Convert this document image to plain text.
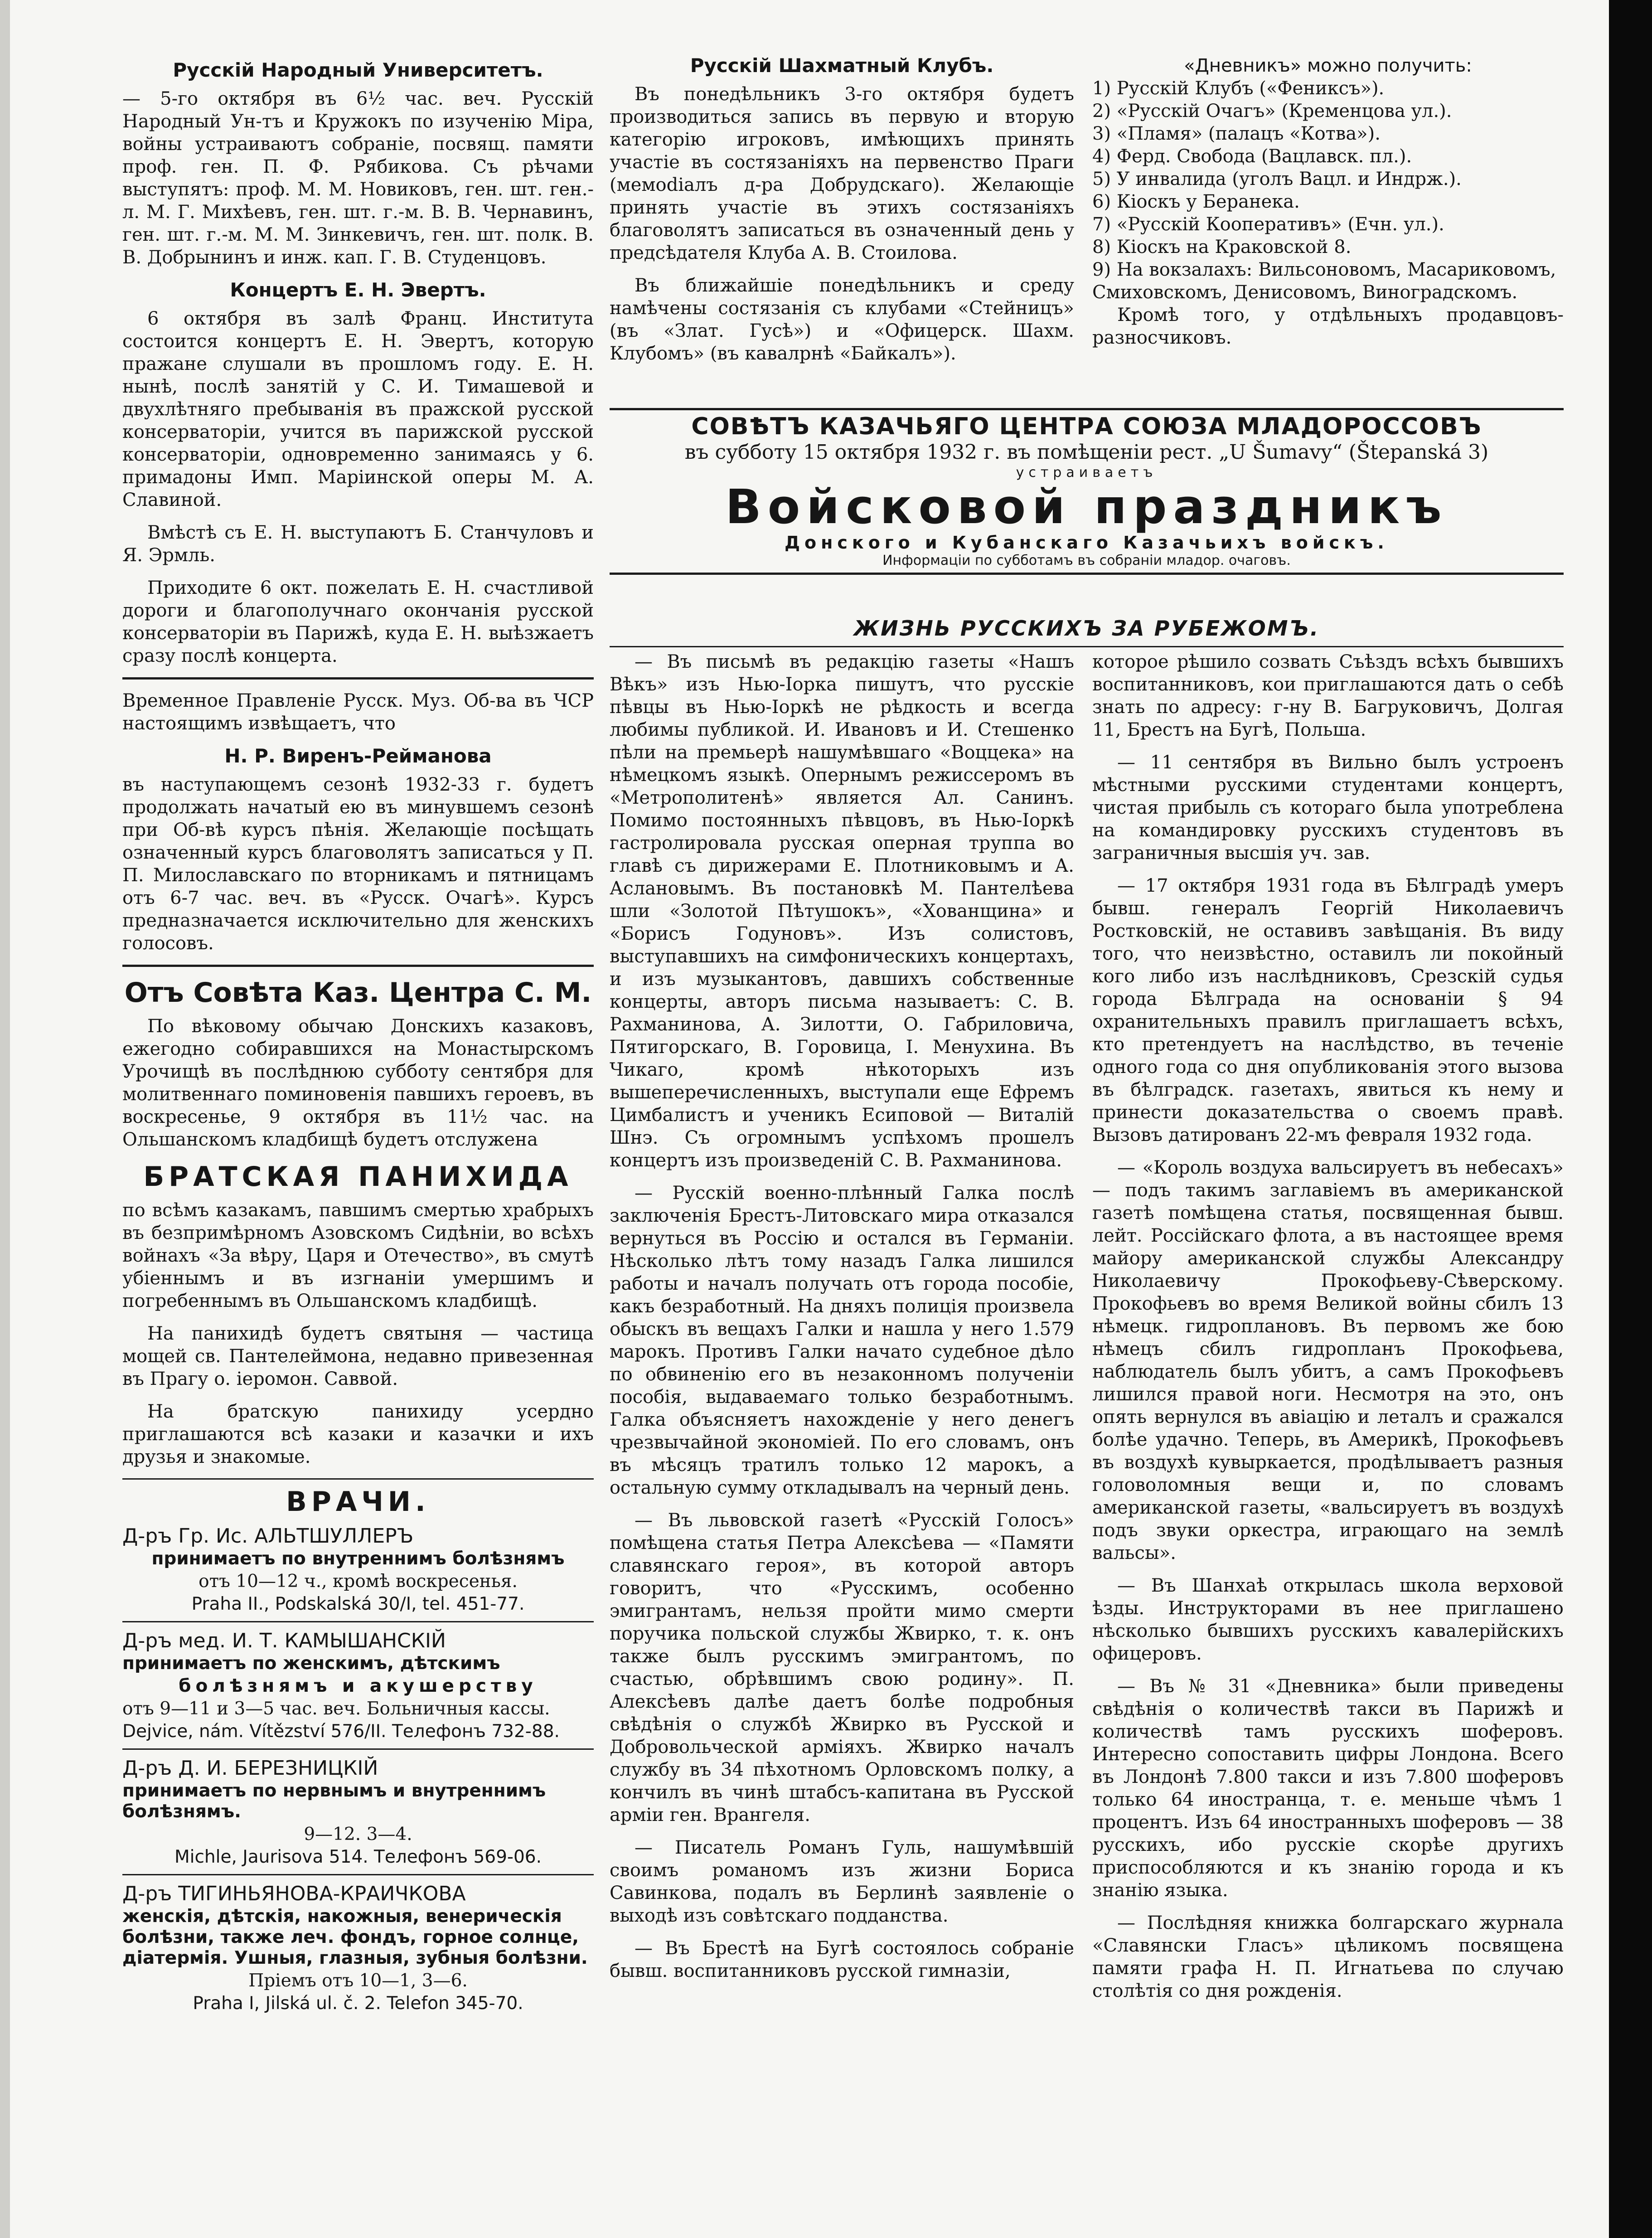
Русскій Народный Университетъ.

— 5-го октября въ 6½ час. веч. Русскій Народный Ун-тъ и Кружокъ по изученію Міра, войны устраиваютъ собраніе, посвящ. памяти проф. ген. П. Ф. Рябикова. Съ рѣчами выступятъ: проф. М. М. Новиковъ, ген. шт. ген.-л. М. Г. Михѣевъ, ген. шт. г.-м. В. В. Чернавинъ, ген. шт. г.-м. М. М. Зинкевичъ, ген. шт. полк. В. В. Добрынинъ и инж. кап. Г. В. Студенцовъ.

Концертъ Е. Н. Эвертъ.

6 октября въ залѣ Франц. Института состоится концертъ Е. Н. Эвертъ, которую пражане слушали въ прошломъ году. Е. Н. нынѣ, послѣ занятій у С. И. Тимашевой и двухлѣтняго пребыванія въ пражской русской консерваторіи, учится въ парижской русской консерваторіи, одновременно занимаясь у 6. примадоны Имп. Маріинской оперы М. А. Славиной.

Вмѣстѣ съ Е. Н. выступаютъ Б. Станчуловъ и Я. Эрмль.

Приходите 6 окт. пожелать Е. Н. счастливой дороги и благополучнаго окончанія русской консерваторіи въ Парижѣ, куда Е. Н. выѣзжаетъ сразу послѣ концерта.

Временное Правленіе Русск. Муз. Об-ва въ ЧСР настоящимъ извѣщаетъ, что

Н. Р. Виренъ-Рейманова

въ наступающемъ сезонѣ 1932-33 г. будетъ продолжать начатый ею въ минувшемъ сезонѣ при Об-вѣ курсъ пѣнія. Желающіе посѣщать означенный курсъ благоволятъ записаться у П. П. Милославскаго по вторникамъ и пятницамъ отъ 6-7 час. веч. въ «Русск. Очагѣ». Курсъ предназначается исключительно для женскихъ голосовъ.

Отъ Совѣта Каз. Центра С. М.

По вѣковому обычаю Донскихъ казаковъ, ежегодно собиравшихся на Монастырскомъ Урочищѣ въ послѣднюю субботу сентября для молитвеннаго поминовенія павшихъ героевъ, въ воскресенье, 9 октября въ 11½ час. на Ольшанскомъ кладбищѣ будетъ отслужена

БРАТСКАЯ ПАНИХИДА

по всѣмъ казакамъ, павшимъ смертью храбрыхъ въ безпримѣрномъ Азовскомъ Сидѣніи, во всѣхъ войнахъ «За вѣру, Царя и Отечество», въ смутѣ убіеннымъ и въ изгнаніи умершимъ и погребеннымъ въ Ольшанскомъ кладбищѣ.

На панихидѣ будетъ святыня — частица мощей св. Пантелеймона, недавно привезенная въ Прагу о. іеромон. Саввой.

На братскую панихиду усердно приглашаются всѣ казаки и казачки и ихъ друзья и знакомые.

ВРАЧИ.
Д-ръ Гр. Ис. АЛЬТШУЛЛЕРЪ
принимаетъ по внутреннимъ болѣзнямъ
отъ 10—12 ч., кромѣ воскресенья.
Praha II., Podskalská 30/I, tel. 451-77.
Д-ръ мед. И. Т. КАМЫШАНСКІЙ
принимаетъ по женскимъ, дѣтскимъ
болѣзнямъ и акушерству
отъ 9—11 и 3—5 час. веч. Больничныя кассы.
Dejvice, nám. Vítězství 576/II. Телефонъ 732-88.
Д-ръ Д. И. БЕРЕЗНИЦКІЙ
принимаетъ по нервнымъ и внутреннимъ болѣзнямъ.
9—12. 3—4.
Michle, Jaurisova 514. Телефонъ 569-06.
Д-ръ ТИГИНЬЯНОВА-КРАИЧКОВА
женскія, дѣтскія, накожныя, венерическія болѣзни, также леч. фондъ, горное солнце, діатермія. Ушныя, глазныя, зубныя болѣзни.
Пріемъ отъ 10—1, 3—6.
Praha I, Jilská ul. č. 2. Telefon 345-70.
Русскій Шахматный Клубъ.

Въ понедѣльникъ 3-го октября будетъ производиться запись въ первую и вторую категорію игроковъ, имѣющихъ принять участіе въ состязаніяхъ на первенство Праги (мемоdіалъ д-ра Добрудскаго). Желающіе принять участіе въ этихъ состязаніяхъ благоволятъ записаться въ означенный день у предсѣдателя Клуба А. В. Стоилова.

Въ ближайшіе понедѣльникъ и среду намѣчены состязанія съ клубами «Стейницъ» (въ «Злат. Гусѣ») и «Офицерск. Шахм. Клубомъ» (въ кавалрнѣ «Байкалъ»).

«Дневникъ» можно получить:
1) Русскій Клубъ («Фениксъ»).
2) «Русскій Очагъ» (Кременцова ул.).
3) «Пламя» (палацъ «Котва»).
4) Ферд. Свобода (Вацлавск. пл.).
5) У инвалида (уголъ Вацл. и Индрж.).
6) Кіоскъ у Беранека.
7) «Русскій Кооперативъ» (Ечн. ул.).
8) Кіоскъ на Краковской 8.
9) На вокзалахъ: Вильсоновомъ, Масариковомъ, Смиховскомъ, Денисовомъ, Виноградскомъ.

Кромѣ того, у отдѣльныхъ продавцовъ-разносчиковъ.

СОВѢТЪ КАЗАЧЬЯГО ЦЕНТРА СОЮЗА МЛАДОРОССОВЪ
въ субботу 15 октября 1932 г. въ помѣщеніи рест. „U Šumavy“ (Štepanská 3)
устраиваетъ
Войсковой праздникъ
Донского и Кубанскаго Казачьихъ войскъ.
Информаціи по субботамъ въ собраніи младор. очаговъ.
ЖИЗНЬ РУССКИХЪ ЗА РУБЕЖОМЪ.

— Въ письмѣ въ редакцію газеты «Нашъ Вѣкъ» изъ Нью-Іорка пишутъ, что русскіе пѣвцы въ Нью-Іоркѣ не рѣдкость и всегда любимы публикой. И. Ивановъ и И. Стешенко пѣли на премьерѣ нашумѣвшаго «Воццека» на нѣмецкомъ языкѣ. Опернымъ режиссеромъ въ «Метрополитенѣ» является Ал. Санинъ. Помимо постоянныхъ пѣвцовъ, въ Нью-Іоркѣ гастролировала русская оперная труппа во главѣ съ дирижерами Е. Плотниковымъ и А. Аслановымъ. Въ постановкѣ М. Пантелѣева шли «Золотой Пѣтушокъ», «Хованщина» и «Борисъ Годуновъ». Изъ солистовъ, выступавшихъ на симфоническихъ концертахъ, и изъ музыкантовъ, давшихъ собственные концерты, авторъ письма называетъ: С. В. Рахманинова, А. Зилотти, О. Габриловича, Пятигорскаго, В. Горовица, I. Менухина. Въ Чикаго, кромѣ нѣкоторыхъ изъ вышеперечисленныхъ, выступали еще Ефремъ Цимбалистъ и ученикъ Есиповой — Виталій Шнэ. Съ огромнымъ успѣхомъ прошелъ концертъ изъ произведеній С. В. Рахманинова.

— Русскій военно-плѣнный Галка послѣ заключенія Брестъ-Литовскаго мира отказался вернуться въ Россію и остался въ Германіи. Нѣсколько лѣтъ тому назадъ Галка лишился работы и началъ получать отъ города пособіе, какъ безработный. На дняхъ полиція произвела обыскъ въ вещахъ Галки и нашла у него 1.579 марокъ. Противъ Галки начато судебное дѣло по обвиненію его въ незаконномъ полученіи пособія, выдаваемаго только безработнымъ. Галка объясняетъ нахожденіе у него денегъ чрезвычайной экономіей. По его словамъ, онъ въ мѣсяцъ тратилъ только 12 марокъ, а остальную сумму откладывалъ на черный день.

— Въ львовской газетѣ «Русскій Голосъ» помѣщена статья Петра Алексѣева — «Памяти славянскаго героя», въ которой авторъ говоритъ, что «Русскимъ, особенно эмигрантамъ, нельзя пройти мимо смерти поручика польской службы Жвирко, т. к. онъ также былъ русскимъ эмигрантомъ, по счастью, обрѣвшимъ свою родину». П. Алексѣевъ далѣе даетъ болѣе подробныя свѣдѣнія о службѣ Жвирко въ Русской и Добровольческой арміяхъ. Жвирко началъ службу въ 34 пѣхотномъ Орловскомъ полку, а кончилъ въ чинѣ штабсъ-капитана въ Русской арміи ген. Врангеля.

— Писатель Романъ Гуль, нашумѣвшій своимъ романомъ изъ жизни Бориса Савинкова, подалъ въ Берлинѣ заявленіе о выходѣ изъ совѣтскаго подданства.

— Въ Брестѣ на Бугѣ состоялось собраніе бывш. воспитанниковъ русской гимназіи,

которое рѣшило созвать Съѣздъ всѣхъ бывшихъ воспитанниковъ, кои приглашаются дать о себѣ знать по адресу: г-ну В. Багруковичъ, Долгая 11, Брестъ на Бугѣ, Польша.

— 11 сентября въ Вильно былъ устроенъ мѣстными русскими студентами концертъ, чистая прибыль съ котораго была употреблена на командировку русскихъ студентовъ въ заграничныя высшія уч. зав.

— 17 октября 1931 года въ Бѣлградѣ умеръ бывш. генералъ Георгій Николаевичъ Ростковскій, не оставивъ завѣщанія. Въ виду того, что неизвѣстно, оставилъ ли покойный кого либо изъ наслѣдниковъ, Срезскій судья города Бѣлграда на основаніи § 94 охранительныхъ правилъ приглашаетъ всѣхъ, кто претендуетъ на наслѣдство, въ теченіе одного года со дня опубликованія этого вызова въ бѣлградск. газетахъ, явиться къ нему и принести доказательства о своемъ правѣ. Вызовъ датированъ 22-мъ февраля 1932 года.

— «Король воздуха вальсируетъ въ небесахъ» — подъ такимъ заглавіемъ въ американской газетѣ помѣщена статья, посвященная бывш. лейт. Россійскаго флота, а въ настоящее время майору американской службы Александру Николаевичу Прокофьеву-Сѣверскому. Прокофьевъ во время Великой войны сбилъ 13 нѣмецк. гидроплановъ. Въ первомъ же бою нѣмецъ сбилъ гидропланъ Прокофьева, наблюдатель былъ убитъ, а самъ Прокофьевъ лишился правой ноги. Несмотря на это, онъ опять вернулся въ авіацію и леталъ и сражался болѣе удачно. Теперь, въ Америкѣ, Прокофьевъ въ воздухѣ кувыркается, продѣлываетъ разныя головоломныя вещи и, по словамъ американской газеты, «вальсируетъ въ воздухѣ подъ звуки оркестра, играющаго на землѣ вальсы».

— Въ Шанхаѣ открылась школа верховой ѣзды. Инструкторами въ нее приглашено нѣсколько бывшихъ русскихъ кавалерійскихъ офицеровъ.

— Въ № 31 «Дневника» были приведены свѣдѣнія о количествѣ такси въ Парижѣ и количествѣ тамъ русскихъ шоферовъ. Интересно сопоставить цифры Лондона. Всего въ Лондонѣ 7.800 такси и изъ 7.800 шоферовъ только 64 иностранца, т. е. меньше чѣмъ 1 процентъ. Изъ 64 иностранныхъ шоферовъ — 38 русскихъ, ибо русскіе скорѣе другихъ приспособляются и къ знанію города и къ знанію языка.

— Послѣдняя книжка болгарскаго журнала «Славянски Гласъ» цѣликомъ посвящена памяти графа Н. П. Игнатьева по случаю столѣтія со дня рожденія.
